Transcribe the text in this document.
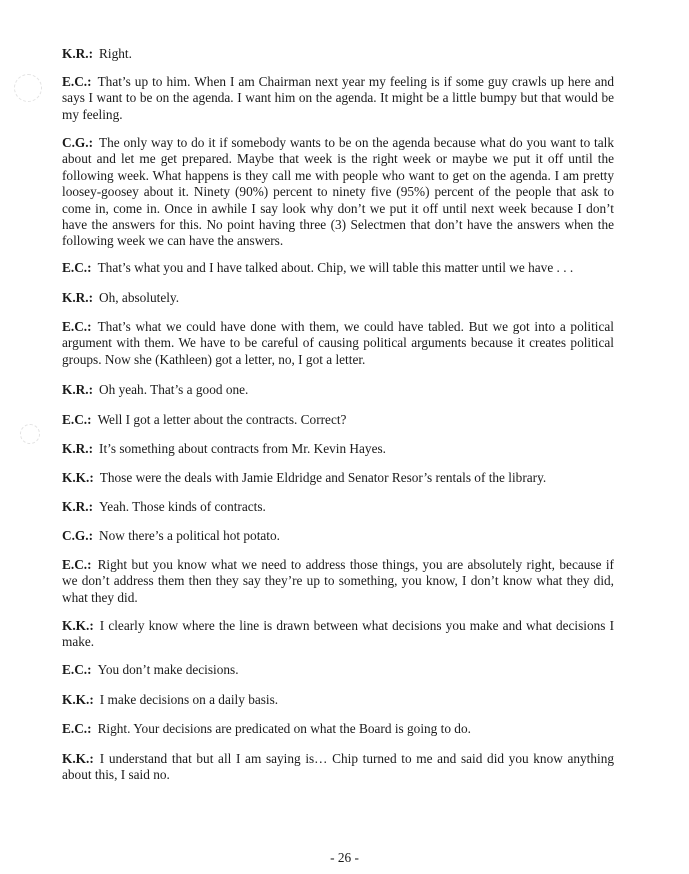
K.R.: Right.

E.C.: That’s up to him. When I am Chairman next year my feeling is if some guy crawls up here and says I want to be on the agenda. I want him on the agenda. It might be a little bumpy but that would be my feeling.

C.G.: The only way to do it if somebody wants to be on the agenda because what do you want to talk about and let me get prepared. Maybe that week is the right week or maybe we put it off until the following week. What happens is they call me with people who want to get on the agenda. I am pretty loosey-goosey about it. Ninety (90%) percent to ninety five (95%) percent of the people that ask to come in, come in. Once in awhile I say look why don’t we put it off until next week because I don’t have the answers for this. No point having three (3) Selectmen that don’t have the answers when the following week we can have the answers.

E.C.: That’s what you and I have talked about. Chip, we will table this matter until we have . . .

K.R.: Oh, absolutely.

E.C.: That’s what we could have done with them, we could have tabled. But we got into a political argument with them. We have to be careful of causing political arguments because it creates political groups. Now she (Kathleen) got a letter, no, I got a letter.

K.R.: Oh yeah. That’s a good one.

E.C.: Well I got a letter about the contracts. Correct?

K.R.: It’s something about contracts from Mr. Kevin Hayes.

K.K.: Those were the deals with Jamie Eldridge and Senator Resor’s rentals of the library.

K.R.: Yeah. Those kinds of contracts.

C.G.: Now there’s a political hot potato.

E.C.: Right but you know what we need to address those things, you are absolutely right, because if we don’t address them then they say they’re up to something, you know, I don’t know what they did, what they did.

K.K.: I clearly know where the line is drawn between what decisions you make and what decisions I make.

E.C.: You don’t make decisions.

K.K.: I make decisions on a daily basis.

E.C.: Right. Your decisions are predicated on what the Board is going to do.

K.K.: I understand that but all I am saying is… Chip turned to me and said did you know anything about this, I said no.

- 26 -
